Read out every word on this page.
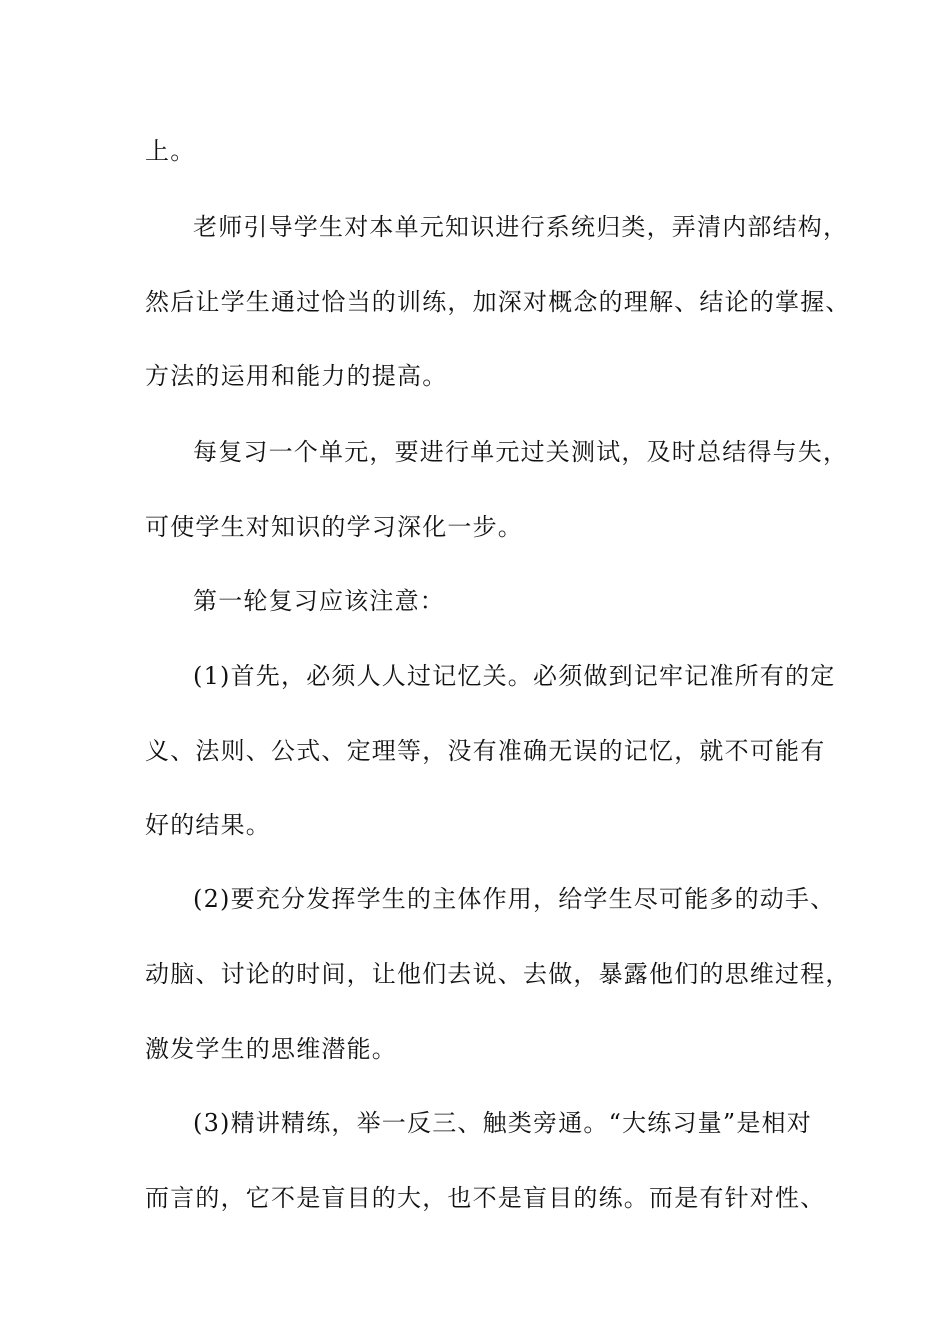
上。
老师引导学生对本单元知识进行系统归类，弄清内部结构，
然后让学生通过恰当的训练，加深对概念的理解、结论的掌握、
方法的运用和能力的提高。
每复习一个单元，要进行单元过关测试，及时总结得与失，
可使学生对知识的学习深化一步。
第一轮复习应该注意：
(1)首先，必须人人过记忆关。必须做到记牢记准所有的定
义、法则、公式、定理等，没有准确无误的记忆，就不可能有
好的结果。
(2)要充分发挥学生的主体作用，给学生尽可能多的动手、
动脑、讨论的时间，让他们去说、去做，暴露他们的思维过程，
激发学生的思维潜能。
(3)精讲精练，举一反三、触类旁通。“大练习量”是相对
而言的，它不是盲目的大，也不是盲目的练。而是有针对性、
